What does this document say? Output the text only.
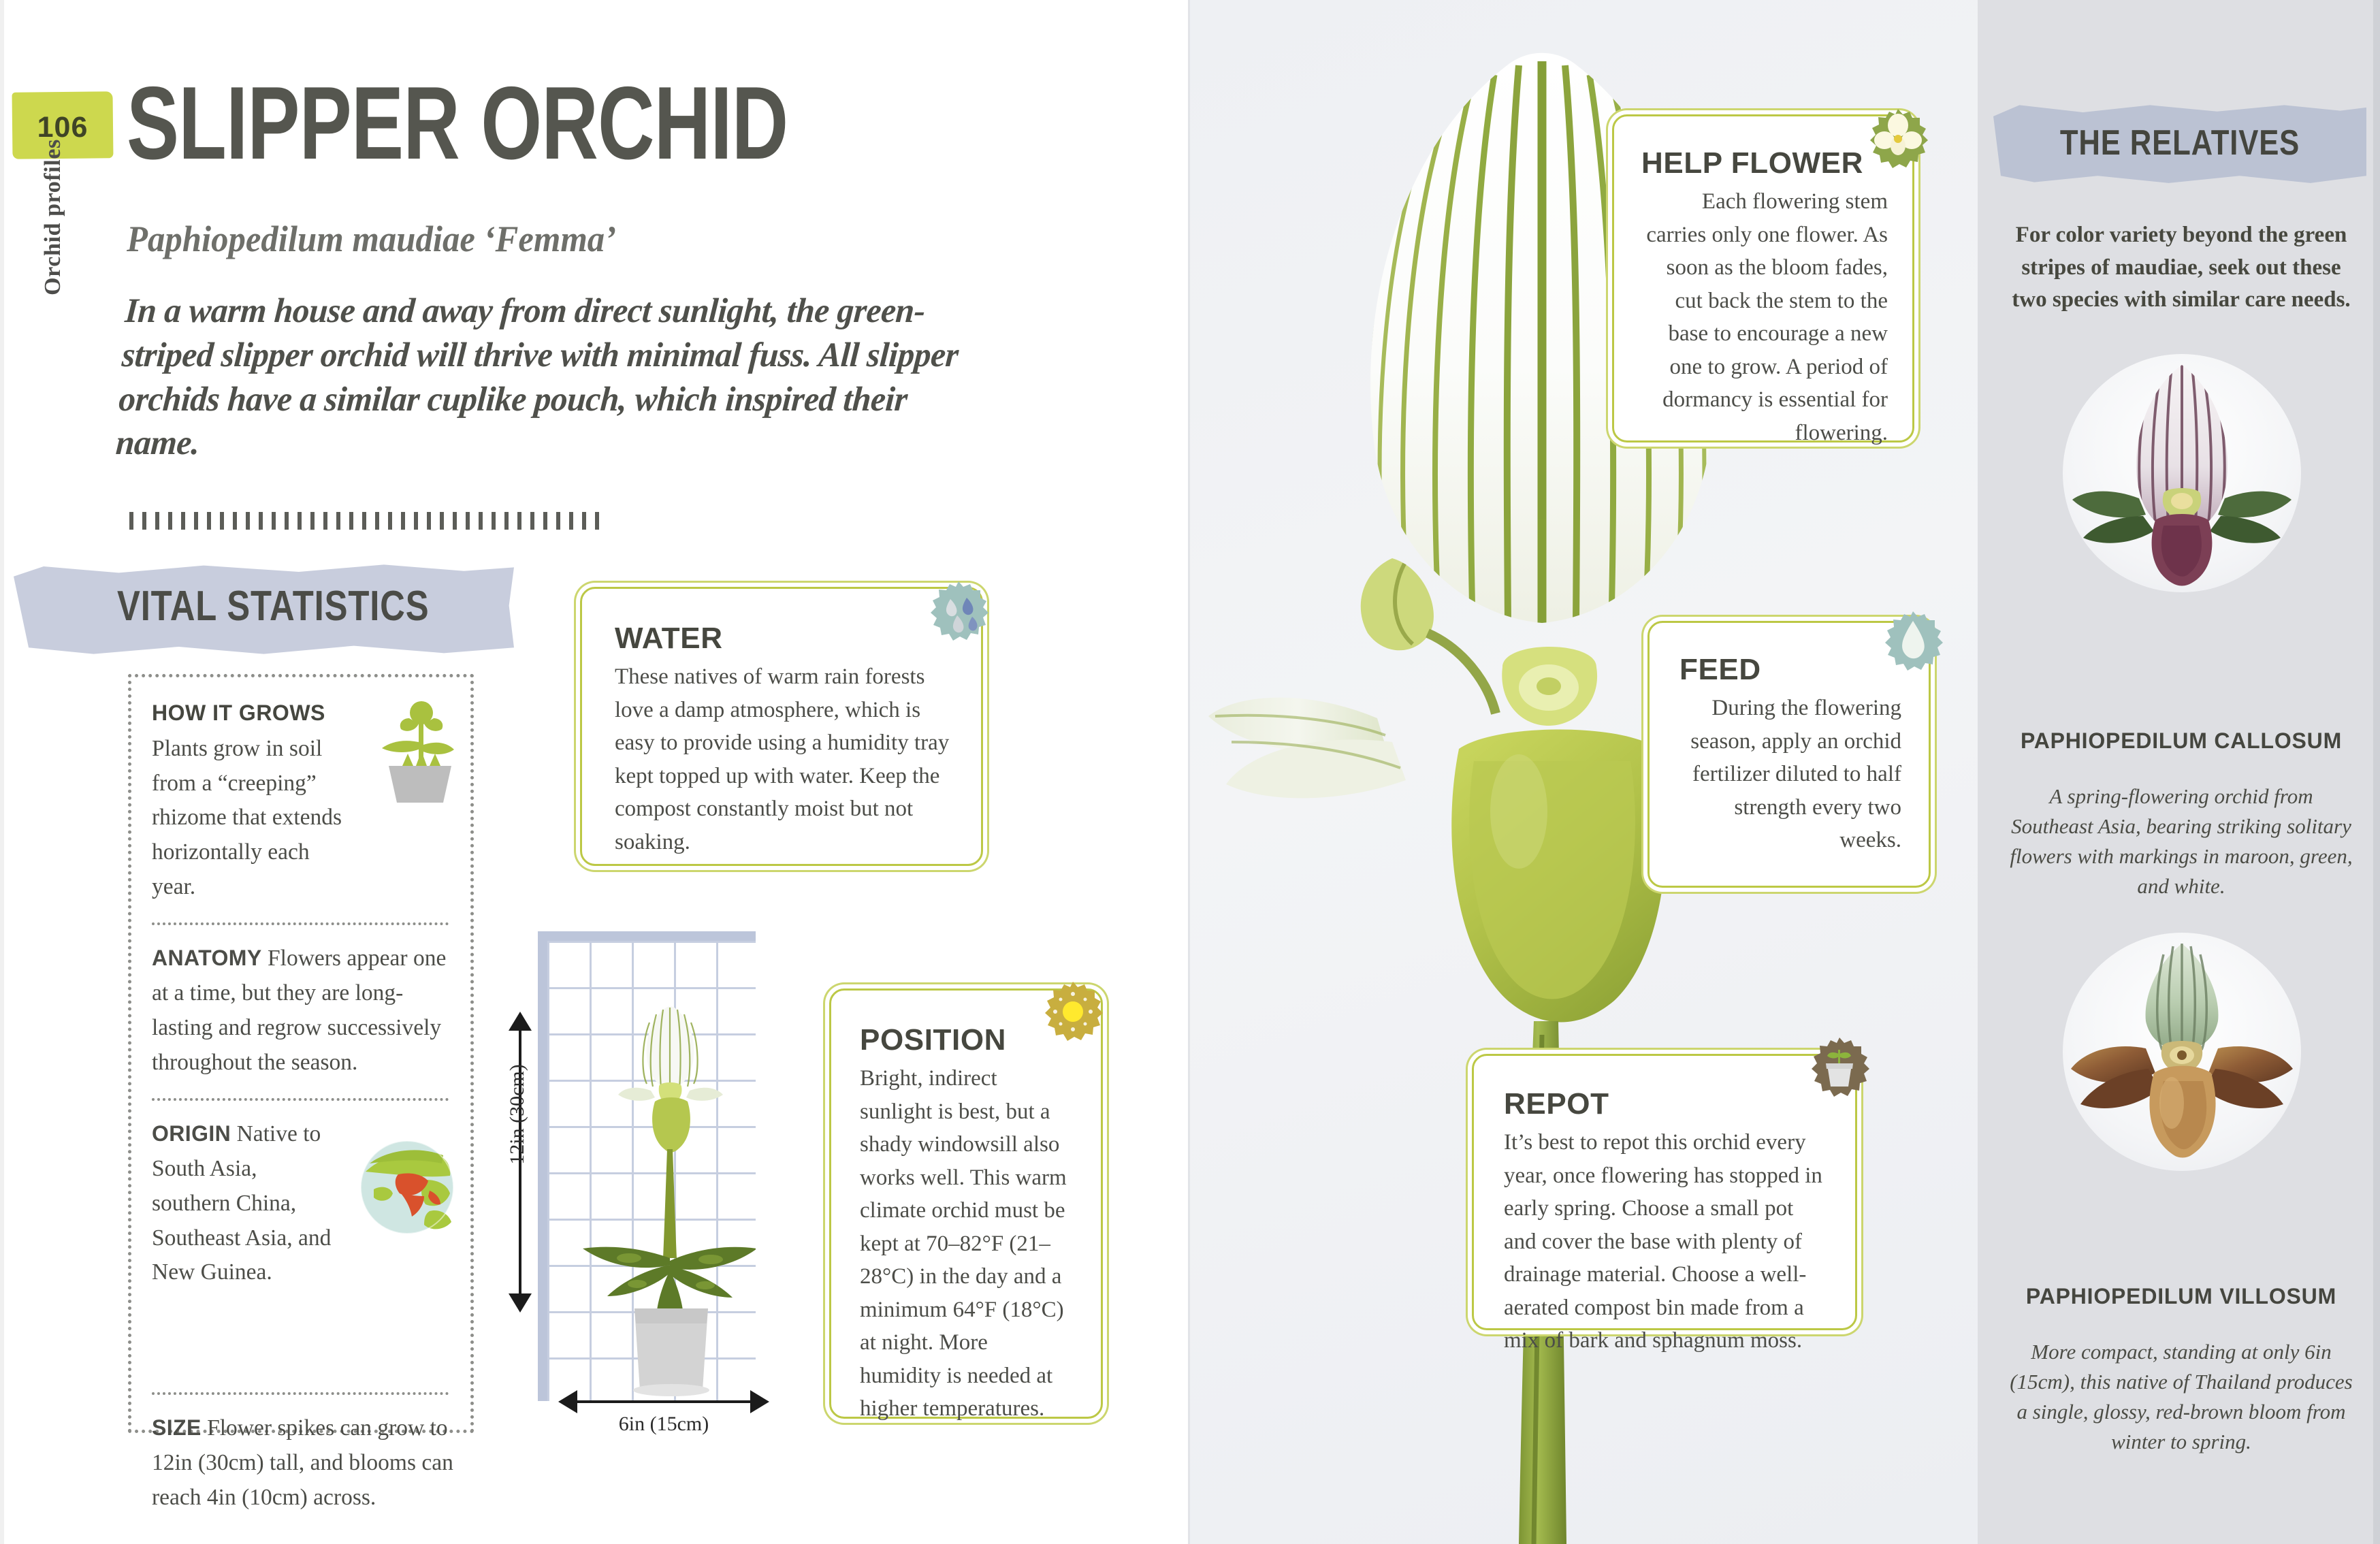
106
Orchid profiles
SLIPPER ORCHID
Paphiopedilum maudiae ‘Femma’
In a warm house and away from direct sunlight, the green-striped slipper orchid will thrive with minimal fuss. All slipper orchids have a similar cuplike pouch, which inspired their name.
VITAL STATISTICS
HOW IT GROWS
Plants grow in soil from a “creeping” rhizome that extends horizontally each year.
ANATOMY Flowers appear one at a time, but they are long-lasting and regrow successively throughout the season.
ORIGIN Native to South Asia, southern China, Southeast Asia, and New Guinea.
SIZE Flower spikes can grow to 12in (30cm) tall, and blooms can reach 4in (10cm) across.
12in (30cm)
6in (15cm)
WATER
These natives of warm rain forests love a damp atmosphere, which is easy to provide using a humidity tray kept topped up with water. Keep the compost constantly moist but not soaking.
POSITION
Bright, indirect sunlight is best, but a shady windowsill also works well. This warm climate orchid must be kept at 70–82°F (21–28°C) in the day and a minimum 64°F (18°C) at night. More humidity is needed at higher temperatures.
HELP FLOWER
Each flowering stem carries only one flower. As soon as the bloom fades, cut back the stem to the base to encourage a new one to grow. A period of dormancy is essential for flowering.
FEED
During the flowering season, apply an orchid fertilizer diluted to half strength every two weeks.
REPOT
It’s best to repot this orchid every year, once flowering has stopped in early spring. Choose a small pot and cover the base with plenty of drainage material. Choose a well-aerated compost bin made from a mix of bark and sphagnum moss.
THE RELATIVES
For color variety beyond the green stripes of maudiae, seek out these two species with similar care needs.
PAPHIOPEDILUM CALLOSUM
A spring-flowering orchid from Southeast Asia, bearing striking solitary flowers with markings in maroon, green, and white.
PAPHIOPEDILUM VILLOSUM
More compact, standing at only 6in (15cm), this native of Thailand produces a single, glossy, red-brown bloom from winter to spring.
